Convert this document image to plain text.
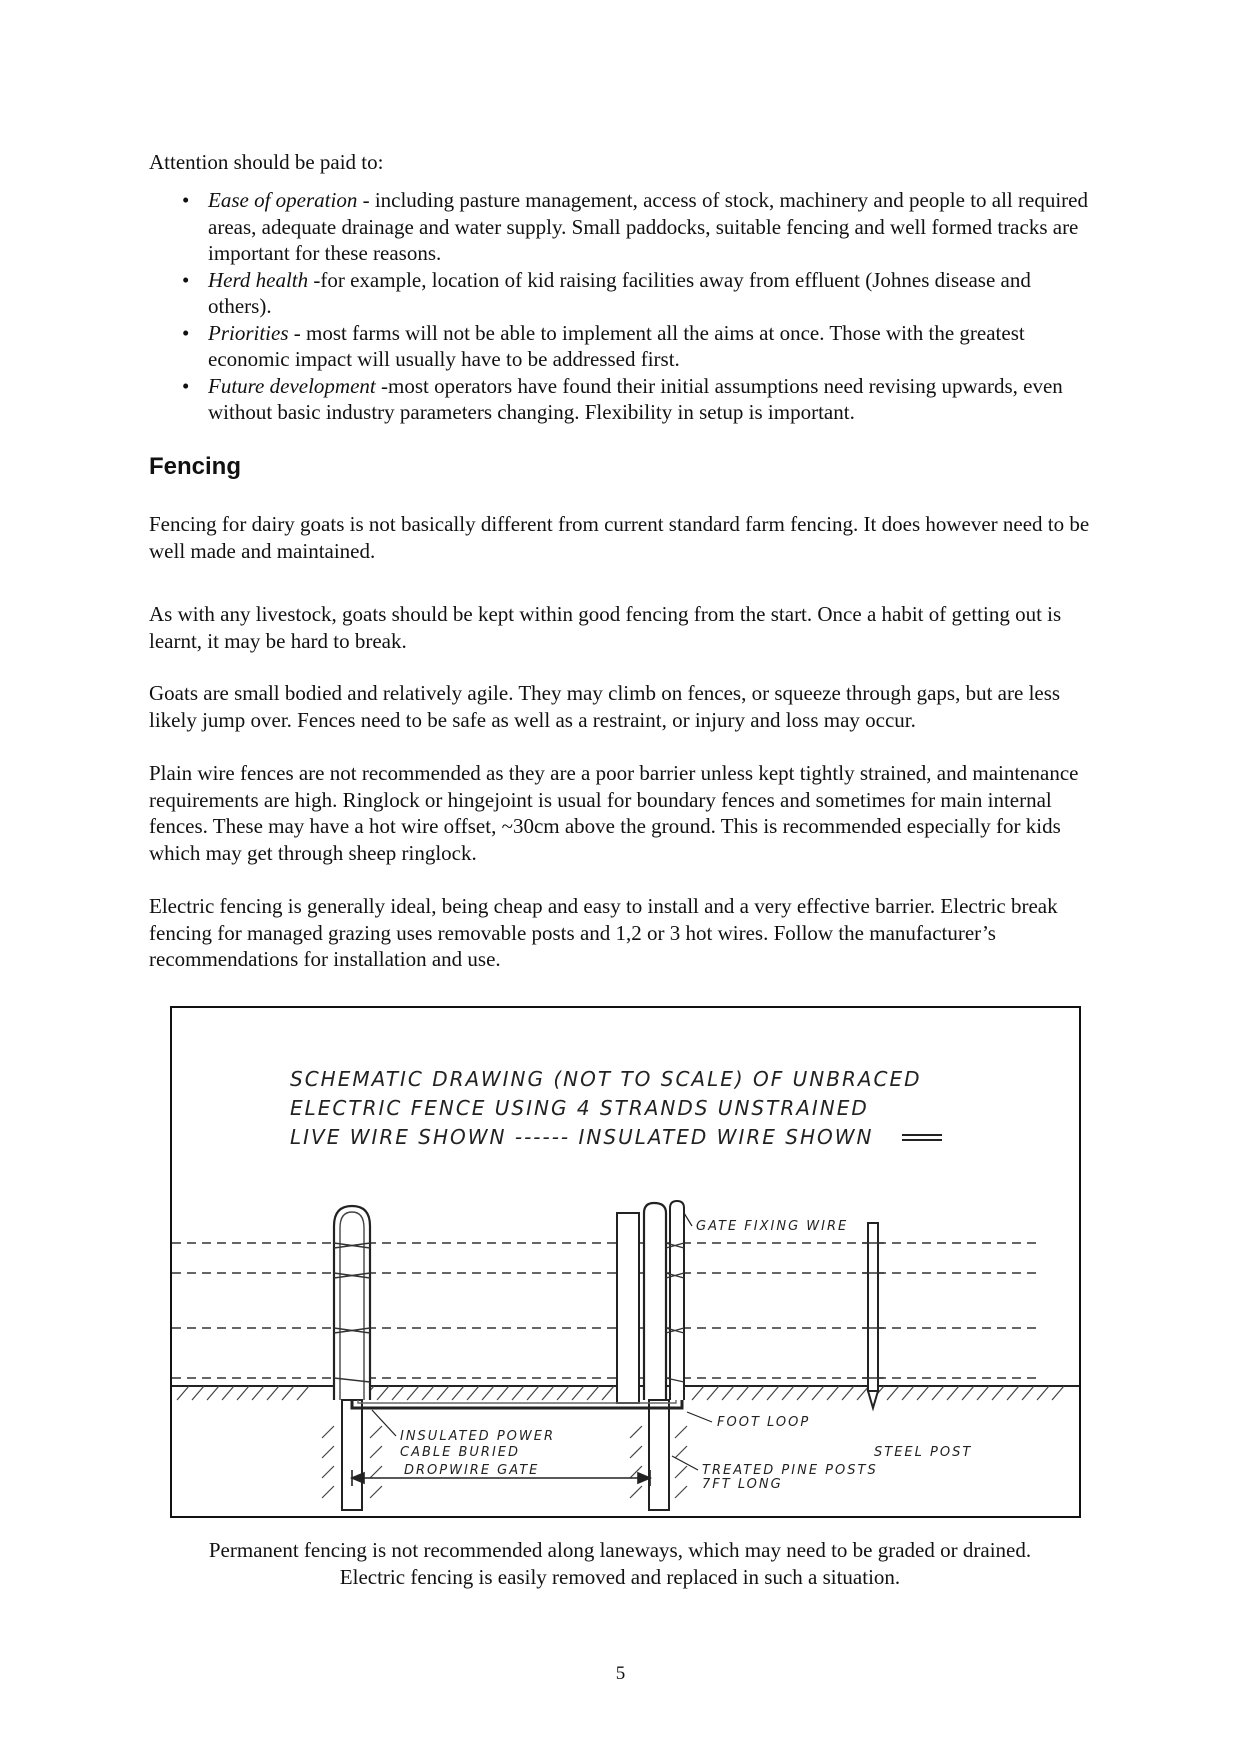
Attention should be paid to:

• Ease of operation - including pasture management, access of stock, machinery and people to all required areas, adequate drainage and water supply. Small paddocks, suitable fencing and well formed tracks are important for these reasons.
• Herd health -for example, location of kid raising facilities away from effluent (Johnes disease and others).
• Priorities - most farms will not be able to implement all the aims at once. Those with the greatest economic impact will usually have to be addressed first.
• Future development -most operators have found their initial assumptions need revising upwards, even without basic industry parameters changing. Flexibility in setup is important.
Fencing

Fencing for dairy goats is not basically different from current standard farm fencing. It does however need to be well made and maintained.

As with any livestock, goats should be kept within good fencing from the start. Once a habit of getting out is learnt, it may be hard to break.

Goats are small bodied and relatively agile. They may climb on fences, or squeeze through gaps, but are less likely jump over. Fences need to be safe as well as a restraint, or injury and loss may occur.

Plain wire fences are not recommended as they are a poor barrier unless kept tightly strained, and maintenance requirements are high. Ringlock or hingejoint is usual for boundary fences and sometimes for main internal fences. These may have a hot wire offset, ~30cm above the ground. This is recommended especially for kids which may get through sheep ringlock.

Electric fencing is generally ideal, being cheap and easy to install and a very effective barrier. Electric break fencing for managed grazing uses removable posts and 1,2 or 3 hot wires. Follow the manufacturer’s recommendations for installation and use.

SCHEMATIC DRAWING (NOT TO SCALE) OF UNBRACED
ELECTRIC FENCE USING 4 STRANDS UNSTRAINED
LIVE WIRE SHOWN ------ INSULATED WIRE SHOWN
GATE FIXING WIRE
FOOT LOOP
INSULATED POWER
CABLE BURIED
DROPWIRE GATE
STEEL POST
TREATED PINE POSTS
7FT LONG
Permanent fencing is not recommended along laneways, which may need to be graded or drained.
Electric fencing is easily removed and replaced in such a situation.
5
